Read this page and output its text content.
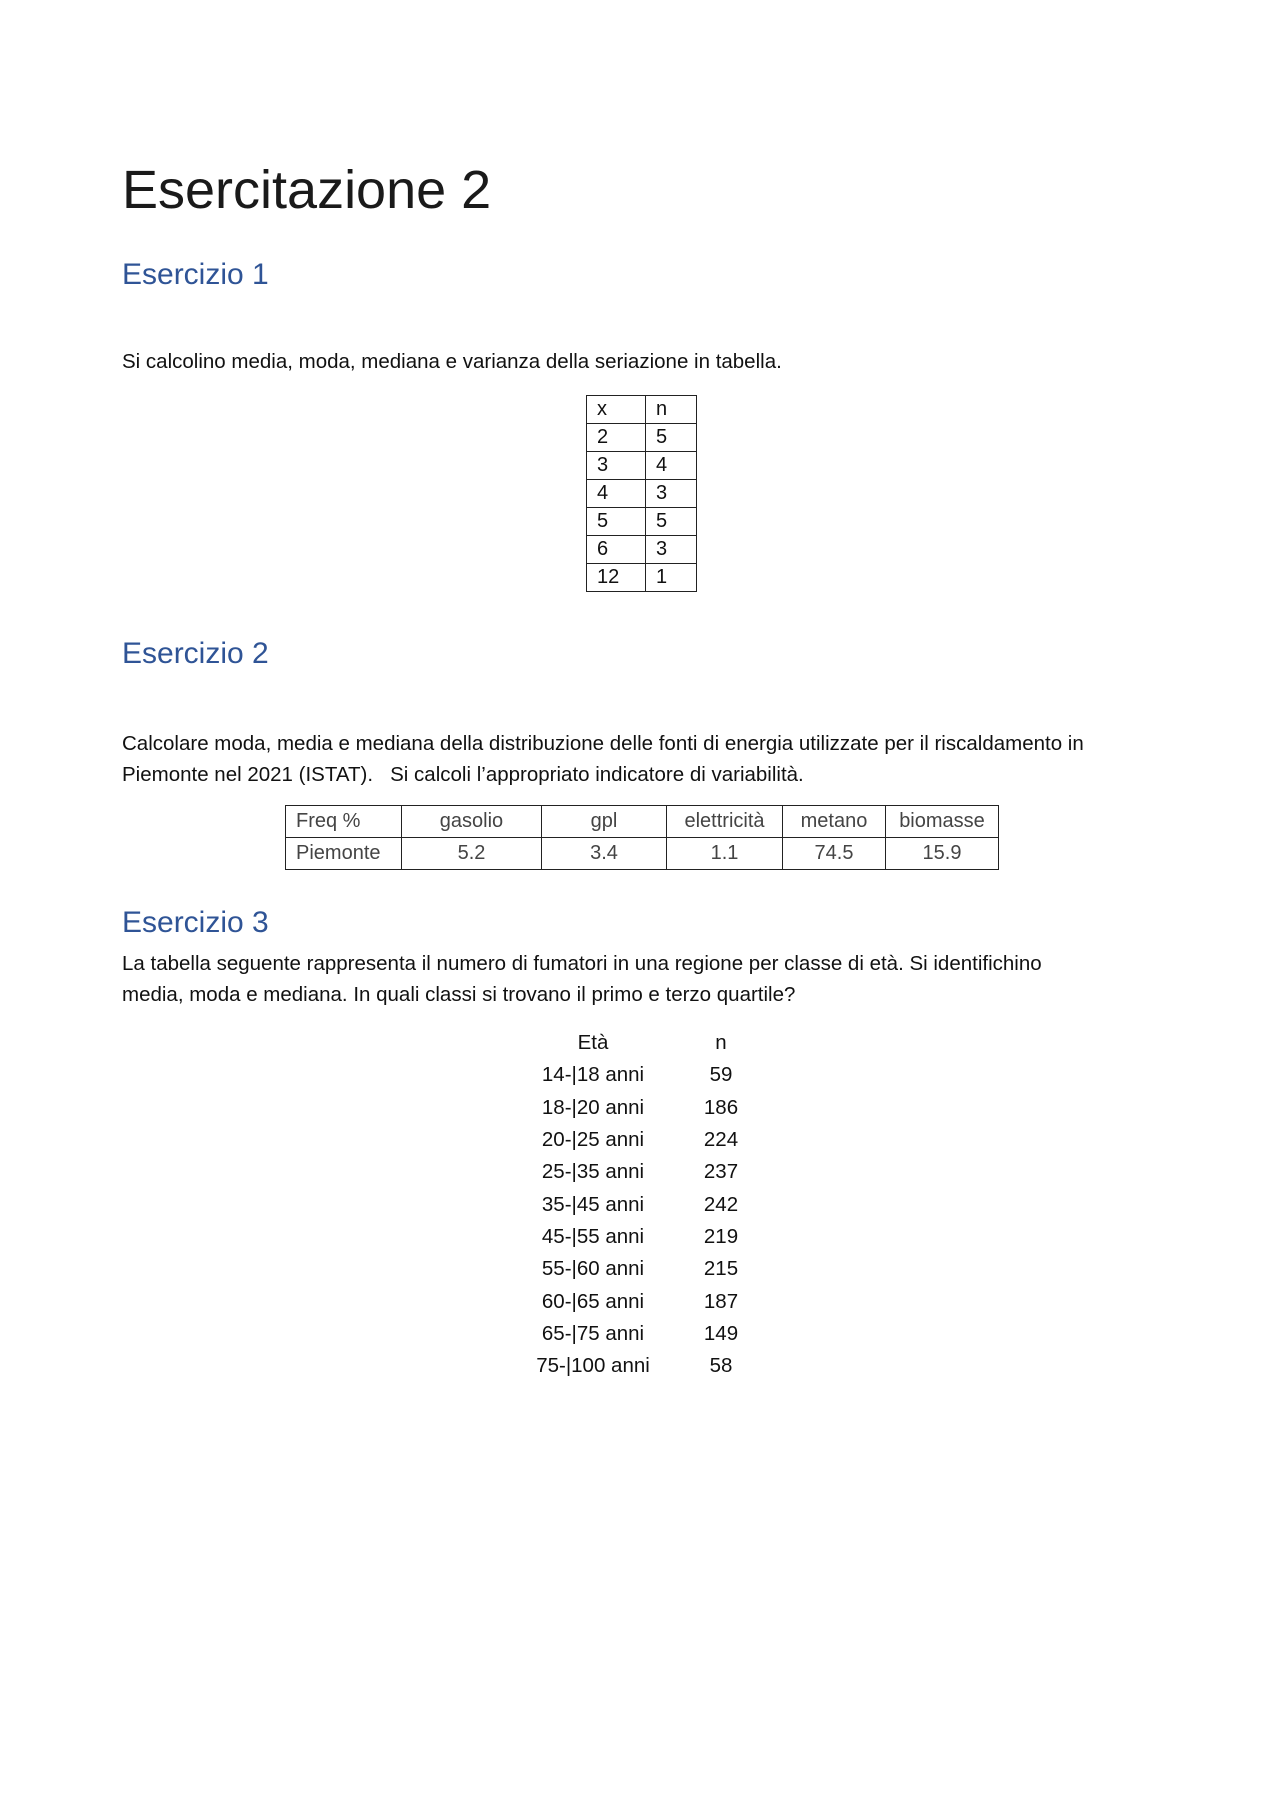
Esercitazione 2
Esercizio 1

Si calcolino media, moda, mediana e varianza della seriazione in tabella.

x	n
2	5
3	4
4	3
5	5
6	3
12	1
Esercizio 2

Calcolare moda, media e mediana della distribuzione delle fonti di energia utilizzate per il riscaldamento in

Piemonte nel 2021 (ISTAT).   Si calcoli l’appropriato indicatore di variabilità.

Freq %	gasolio	gpl	elettricità	metano	biomasse
Piemonte	5.2	3.4	1.1	74.5	15.9
Esercizio 3

La tabella seguente rappresenta il numero di fumatori in una regione per classe di età. Si identifichino

media, moda e mediana. In quali classi si trovano il primo e terzo quartile?

Età	n
14-|18 anni	59
18-|20 anni	186
20-|25 anni	224
25-|35 anni	237
35-|45 anni	242
45-|55 anni	219
55-|60 anni	215
60-|65 anni	187
65-|75 anni	149
75-|100 anni	58
